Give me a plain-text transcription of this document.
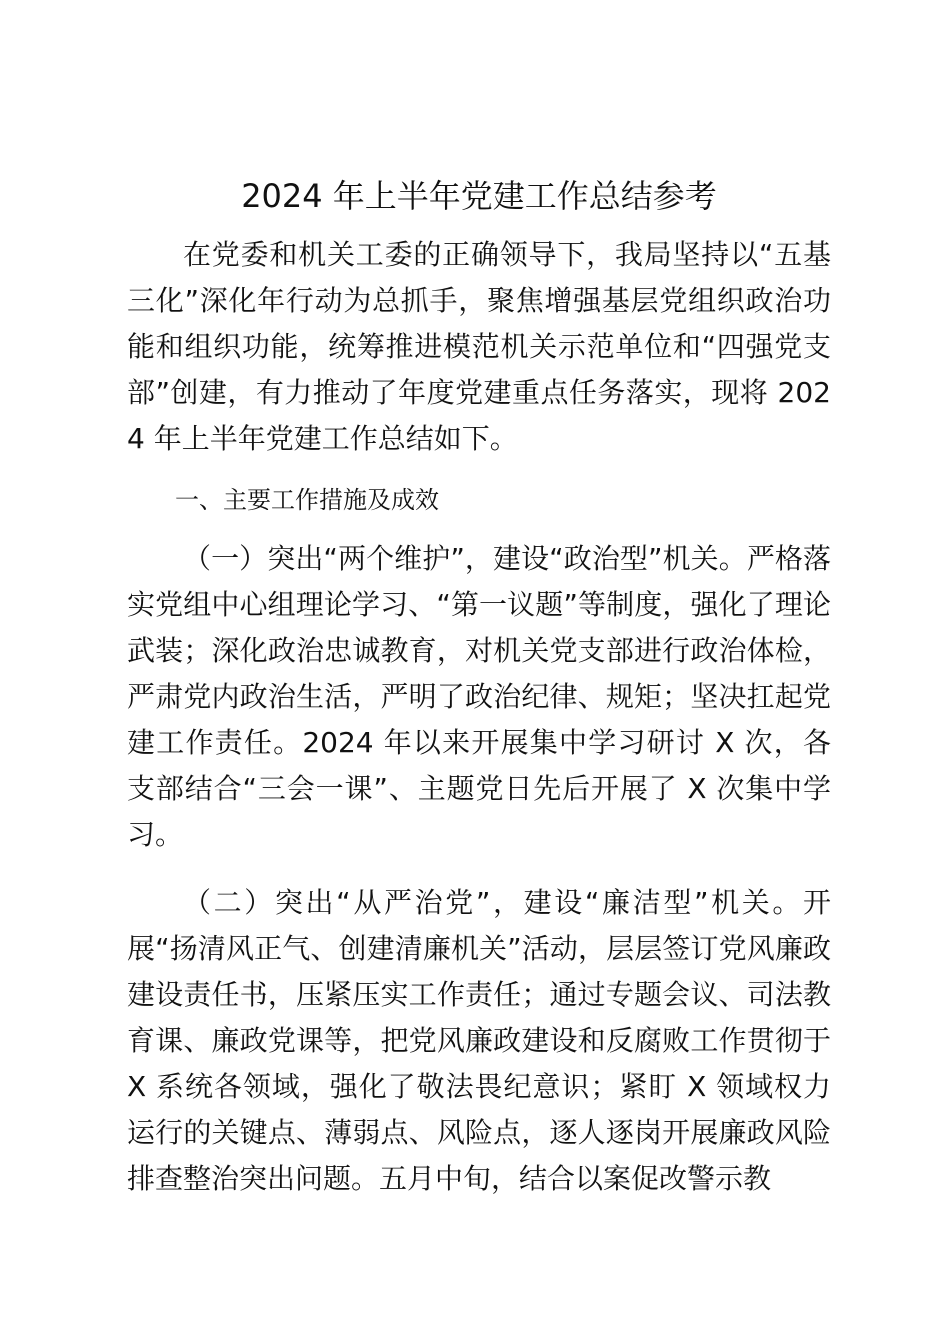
2024 年上半年党建工作总结参考

在党委和机关工委的正确领导下，我局坚持以“五基三化”深化年行动为总抓手，聚焦增强基层党组织政治功能和组织功能，统筹推进模范机关示范单位和“四强党支部”创建，有力推动了年度党建重点任务落实，现将 2024 年上半年党建工作总结如下。

一、主要工作措施及成效

（一）突出“两个维护”，建设“政治型”机关。严格落实党组中心组理论学习、“第一议题”等制度，强化了理论武装；深化政治忠诚教育，对机关党支部进行政治体检，严肃党内政治生活，严明了政治纪律、规矩；坚决扛起党建工作责任。2024 年以来开展集中学习研讨 X 次，各支部结合“三会一课”、主题党日先后开展了 X 次集中学习。

（二）突出“从严治党”，建设“廉洁型”机关。开展“扬清风正气、创建清廉机关”活动，层层签订党风廉政建设责任书，压紧压实工作责任；通过专题会议、司法教育课、廉政党课等，把党风廉政建设和反腐败工作贯彻于 X 系统各领域，强化了敬法畏纪意识；紧盯 X 领域权力运行的关键点、薄弱点、风险点，逐人逐岗开展廉政风险排查整治突出问题。五月中旬，结合以案促改警示教
